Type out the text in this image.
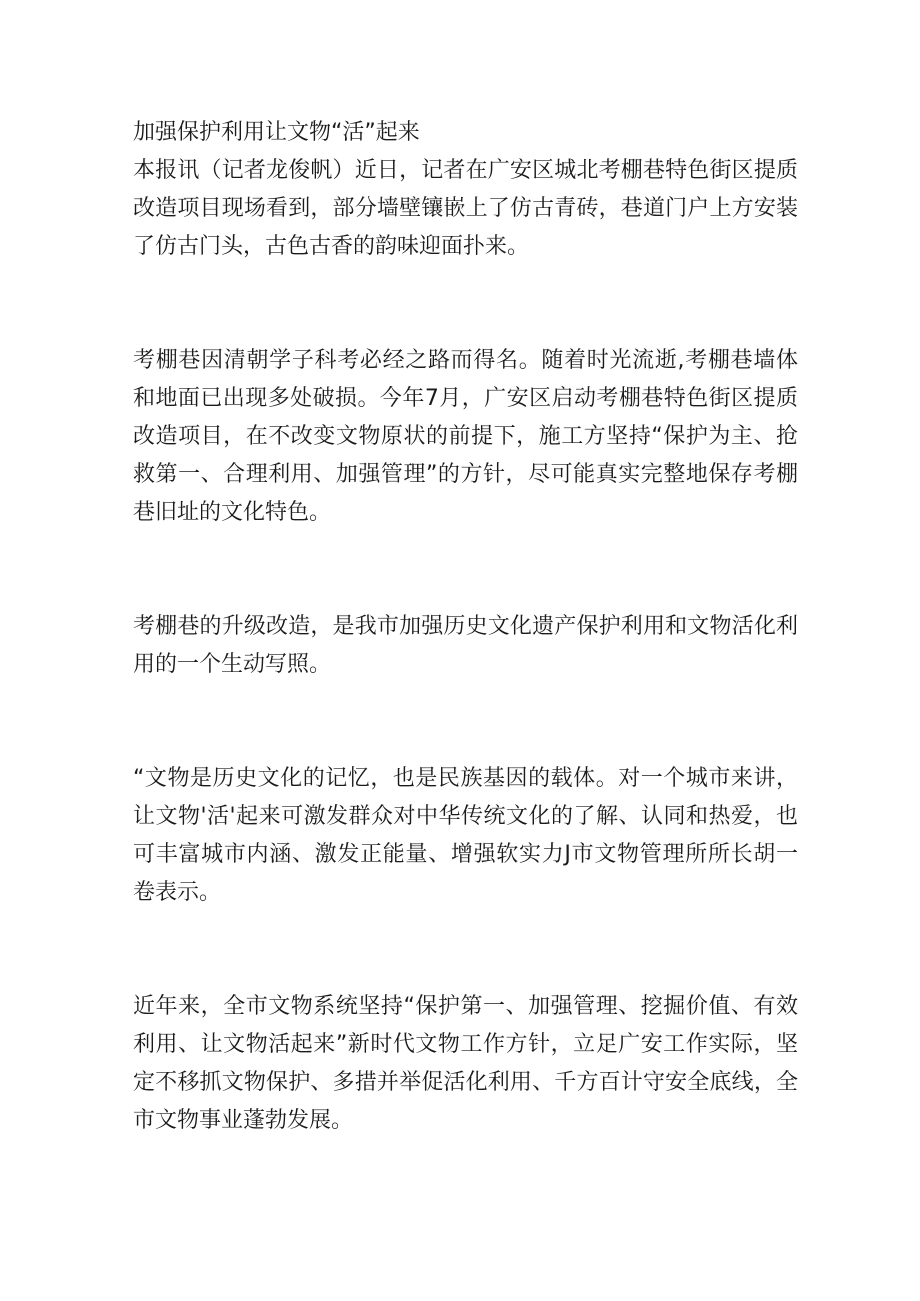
加强保护利用让文物“活”起来

本报讯（记者龙俊帆）近日，记者在广安区城北考棚巷特色街区提质改造项目现场看到，部分墙壁镶嵌上了仿古青砖，巷道门户上方安装了仿古门头，古色古香的韵味迎面扑来。

考棚巷因清朝学子科考必经之路而得名。随着时光流逝,考棚巷墙体和地面已出现多处破损。今年7月，广安区启动考棚巷特色街区提质改造项目，在不改变文物原状的前提下，施工方坚持“保护为主、抢救第一、合理利用、加强管理”的方针，尽可能真实完整地保存考棚巷旧址的文化特色。

考棚巷的升级改造，是我市加强历史文化遗产保护利用和文物活化利用的一个生动写照。

“文物是历史文化的记忆，也是民族基因的载体。对一个城市来讲，让文物'活'起来可激发群众对中华传统文化的了解、认同和热爱，也可丰富城市内涵、激发正能量、增强软实力J市文物管理所所长胡一卷表示。

近年来，全市文物系统坚持“保护第一、加强管理、挖掘价值、有效利用、让文物活起来”新时代文物工作方针，立足广安工作实际，坚定不移抓文物保护、多措并举促活化利用、千方百计守安全底线，全市文物事业蓬勃发展。
